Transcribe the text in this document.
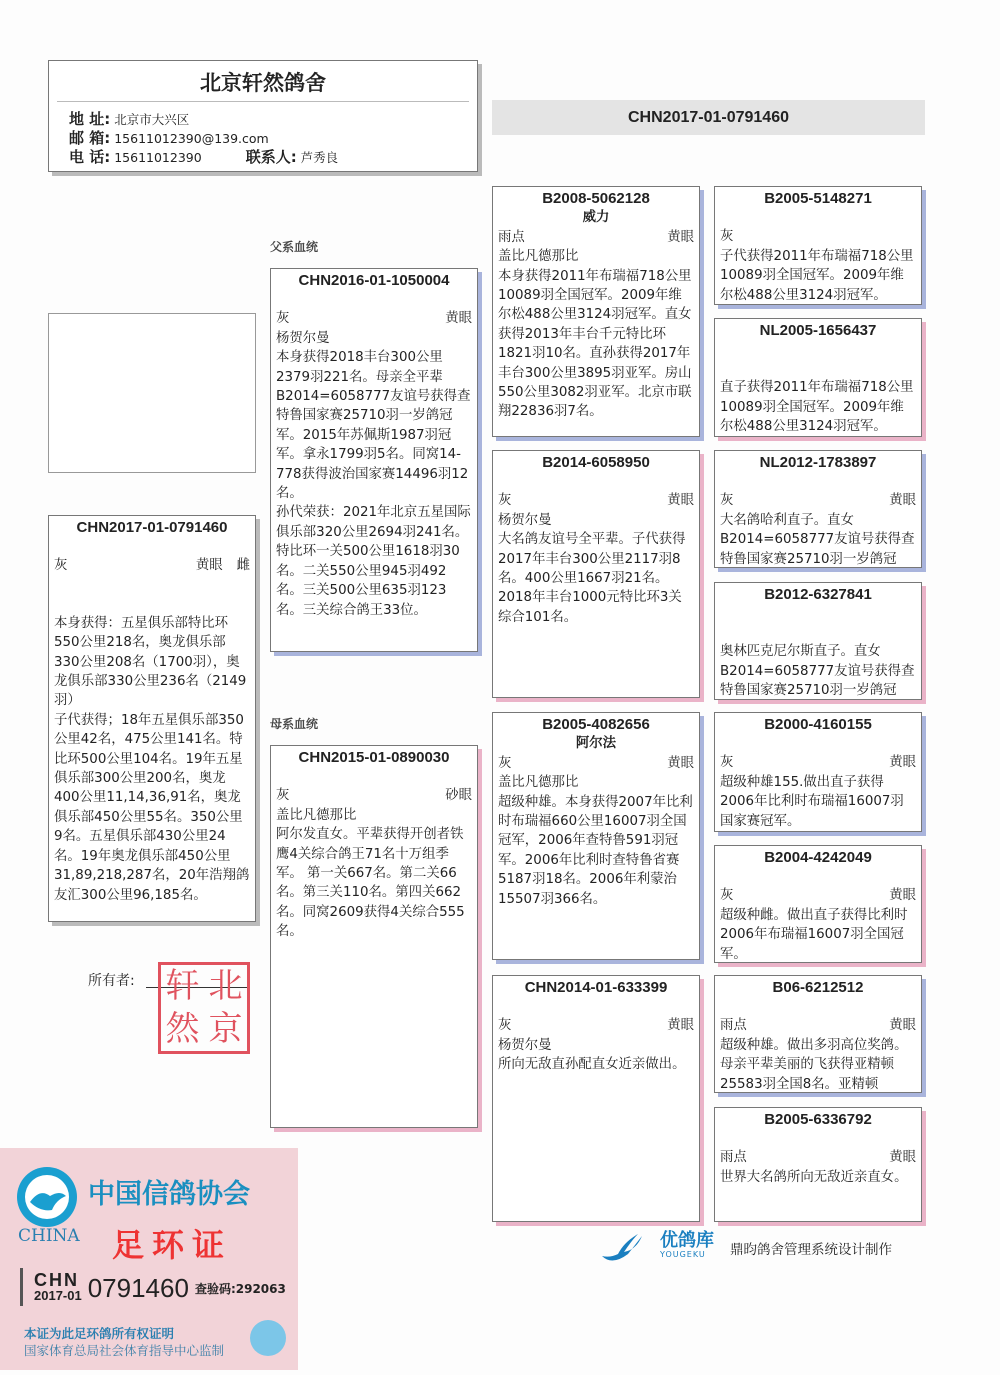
北京轩然鸽舍
地 址: 北京市大兴区
邮 箱: 15611012390@139.com
电 话: 15611012390	联系人: 芦秀良
CHN2017-01-0791460
父系血统
母系血统
CHN2017-01-0791460
灰	黄眼 雌
本身获得：五星俱乐部特比环550公里218名，奥龙俱乐部330公里208名（1700羽），奥龙俱乐部330公里236名（2149羽）
子代获得；18年五星俱乐部350公里42名，475公里141名。特比环500公里104名。19年五星俱乐部300公里200名，奥龙400公里11,14,36,91名，奥龙俱乐部450公里55名。350公里9名。五星俱乐部430公里24名。19年奥龙俱乐部450公里31,89,218,287名，20年浩翔鸽友汇300公里96,185名。
CHN2016-01-1050004
灰	黄眼
杨贺尔曼
本身获得2018丰台300公里2379羽221名。母亲全平辈B2014=6058777友谊号获得查特鲁国家赛25710羽一岁鸽冠军。2015年苏佩斯1987羽冠军。拿永1799羽5名。同窝14-778获得波治国家赛14496羽12名。
孙代荣获：2021年北京五星国际俱乐部320公里2694羽241名。特比环一关500公里1618羽30名。二关550公里945羽492名。三关500公里635羽123名。三关综合鸽王33位。
CHN2015-01-0890030
灰	砂眼
盖比凡德那比
阿尔发直女。平辈获得开创者铁鹰4关综合鸽王71名十万组季军。 第一关667名。第二关66名。第三关110名。第四关662名。同窝2609获得4关综合555名。
B2008-5062128
威力
雨点	黄眼
盖比凡德那比
本身获得2011年布瑞福718公里10089羽全国冠军。2009年维尔松488公里3124羽冠军。直女获得2013年丰台千元特比环1821羽10名。直孙获得2017年丰台300公里3895羽亚军。房山550公里3082羽亚军。北京市联翔22836羽7名。
B2014-6058950
灰	黄眼
杨贺尔曼
大名鸽友谊号全平辈。子代获得2017年丰台300公里2117羽8名。400公里1667羽21名。2018年丰台1000元特比环3关综合101名。
B2005-4082656
阿尔法
灰	黄眼
盖比凡德那比
超级种雄。本身获得2007年比利时布瑞福660公里16007羽全国冠军，2006年查特鲁591羽冠军。2006年比利时查特鲁省赛5187羽18名。2006年利蒙治15507羽366名。
CHN2014-01-633399
灰	黄眼
杨贺尔曼
所向无敌直孙配直女近亲做出。
B2005-5148271
灰
子代获得2011年布瑞福718公里10089羽全国冠军。2009年维尔松488公里3124羽冠军。
NL2005-1656437
直子获得2011年布瑞福718公里10089羽全国冠军。2009年维尔松488公里3124羽冠军。
NL2012-1783897
灰	黄眼
大名鸽哈利直子。直女B2014=6058777友谊号获得查特鲁国家赛25710羽一岁鸽冠
B2012-6327841
奥林匹克尼尔斯直子。直女B2014=6058777友谊号获得查特鲁国家赛25710羽一岁鸽冠
B2000-4160155
灰	黄眼
超级种雄155.做出直子获得2006年比利时布瑞福16007羽国家赛冠军。
B2004-4242049
灰	黄眼
超级种雌。做出直子获得比利时2006年布瑞福16007羽全国冠军。
B06-6212512
雨点	黄眼
超级种雄。做出多羽高位奖鸽。母亲平辈美丽的飞获得亚精顿25583羽全国8名。亚精顿
B2005-6336792
雨点	黄眼
世界大名鸽所向无敌近亲直女。
所有者: 轩 北
然 京
CHINA
中国信鸽协会
足环证
CHN
2017-01 0791460 查验码:292063
本证为此足环鸽所有权证明
国家体育总局社会体育指导中心监制
优鸽库
YOUGEKU	鼎昀鸽舍管理系统设计制作
